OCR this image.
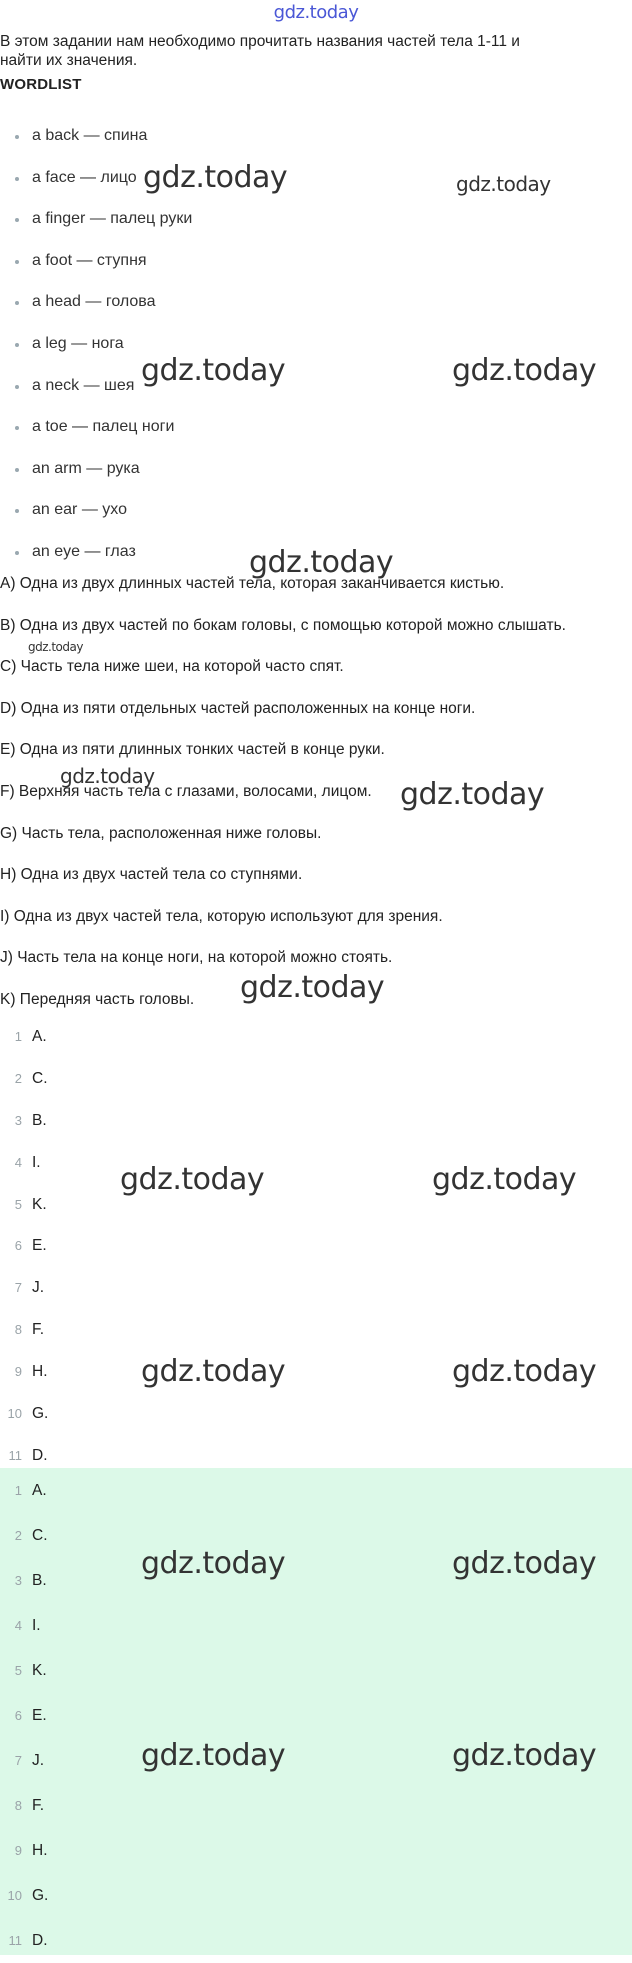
gdz.today
В этом задании нам необходимо прочитать названия частей тела 1-11 и
найти их значения.
WORDLIST
a back — спина
a face — лицо
a finger — палец руки
a foot — ступня
a head — голова
a leg — нога
a neck — шея
a toe — палец ноги
an arm — рука
an ear — ухо
an eye — глаз
A) Одна из двух длинных частей тела, которая заканчивается кистью.
B) Одна из двух частей по бокам головы, с помощью которой можно слышать.
C) Часть тела ниже шеи, на которой часто спят.
D) Одна из пяти отдельных частей расположенных на конце ноги.
E) Одна из пяти длинных тонких частей в конце руки.
F) Верхняя часть тела с глазами, волосами, лицом.
G) Часть тела, расположенная ниже головы.
H) Одна из двух частей тела со ступнями.
I) Одна из двух частей тела, которую используют для зрения.
J) Часть тела на конце ноги, на которой можно стоять.
K) Передняя часть головы.
1 A.
2 C.
3 B.
4 I.
5 K.
6 E.
7 J.
8 F.
9 H.
10 G.
11 D.
1 A.
2 C.
3 B.
4 I.
5 K.
6 E.
7 J.
8 F.
9 H.
10 G.
11 D.
gdz.today	gdz.today
gdz.today	gdz.today
gdz.today
gdz.today
gdz.today
gdz.today
gdz.today
gdz.today	gdz.today
gdz.today	gdz.today
gdz.today	gdz.today
gdz.today	gdz.today
